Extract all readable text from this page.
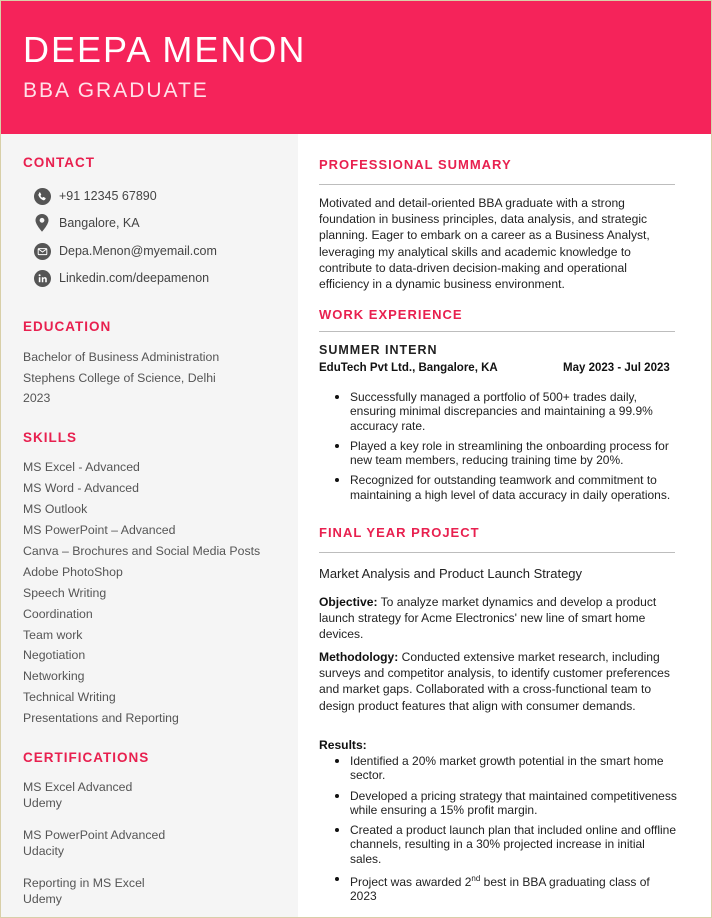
DEEPA MENON
BBA GRADUATE
CONTACT
+91 12345 67890
Bangalore, KA
Depa.Menon@myemail.com
Linkedin.com/deepamenon
EDUCATION
Bachelor of Business Administration
Stephens College of Science, Delhi
2023
SKILLS
MS Excel - Advanced
MS Word - Advanced
MS Outlook
MS PowerPoint – Advanced
Canva – Brochures and Social Media Posts
Adobe PhotoShop
Speech Writing
Coordination
Team work
Negotiation
Networking
Technical Writing
Presentations and Reporting
CERTIFICATIONS
MS Excel Advanced
Udemy
MS PowerPoint Advanced
Udacity
Reporting in MS Excel
Udemy
PROFESSIONAL SUMMARY
Motivated and detail-oriented BBA graduate with a strong foundation in business principles, data analysis, and strategic planning. Eager to embark on a career as a Business Analyst, leveraging my analytical skills and academic knowledge to contribute to data-driven decision-making and operational efficiency in a dynamic business environment.
WORK EXPERIENCE
SUMMER INTERN
EduTech Pvt Ltd., Bangalore, KA	May 2023 - Jul 2023
Successfully managed a portfolio of 500+ trades daily, ensuring minimal discrepancies and maintaining a 99.9% accuracy rate.
Played a key role in streamlining the onboarding process for new team members, reducing training time by 20%.
Recognized for outstanding teamwork and commitment to maintaining a high level of data accuracy in daily operations.
FINAL YEAR PROJECT
Market Analysis and Product Launch Strategy
Objective: To analyze market dynamics and develop a product launch strategy for Acme Electronics' new line of smart home devices.
Methodology: Conducted extensive market research, including surveys and competitor analysis, to identify customer preferences and market gaps. Collaborated with a cross-functional team to design product features that align with consumer demands.
Results:
Identified a 20% market growth potential in the smart home sector.
Developed a pricing strategy that maintained competitiveness while ensuring a 15% profit margin.
Created a product launch plan that included online and offline channels, resulting in a 30% projected increase in initial sales.
Project was awarded 2nd best in BBA graduating class of 2023
